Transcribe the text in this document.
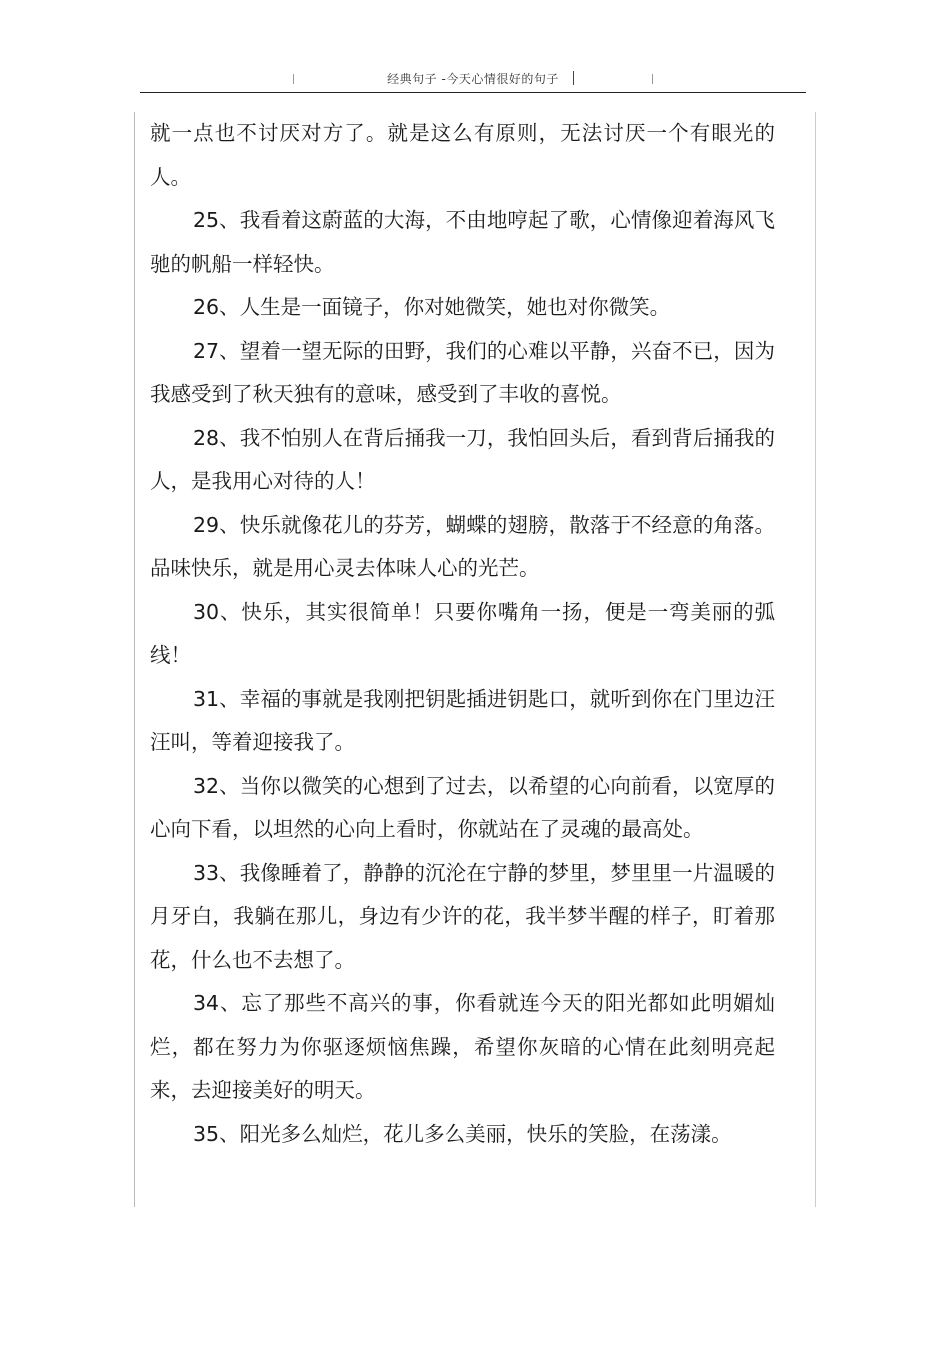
经典句子 -今天心情很好的句子

就一点也不讨厌对方了。就是这么有原则，无法讨厌一个有眼光的人。

25、我看着这蔚蓝的大海，不由地哼起了歌，心情像迎着海风飞驰的帆船一样轻快。

26、人生是一面镜子，你对她微笑，她也对你微笑。

27、望着一望无际的田野，我们的心难以平静，兴奋不已，因为我感受到了秋天独有的意味，感受到了丰收的喜悦。

28、我不怕别人在背后捅我一刀，我怕回头后，看到背后捅我的人，是我用心对待的人！

29、快乐就像花儿的芬芳，蝴蝶的翅膀，散落于不经意的角落。品味快乐，就是用心灵去体味人心的光芒。

30、快乐，其实很简单！只要你嘴角一扬，便是一弯美丽的弧线！

31、幸福的事就是我刚把钥匙插进钥匙口，就听到你在门里边汪汪叫，等着迎接我了。

32、当你以微笑的心想到了过去，以希望的心向前看，以宽厚的心向下看，以坦然的心向上看时，你就站在了灵魂的最高处。

33、我像睡着了，静静的沉沦在宁静的梦里，梦里里一片温暖的月牙白，我躺在那儿，身边有少许的花，我半梦半醒的样子，盯着那花，什么也不去想了。

34、忘了那些不高兴的事，你看就连今天的阳光都如此明媚灿烂，都在努力为你驱逐烦恼焦躁，希望你灰暗的心情在此刻明亮起来，去迎接美好的明天。

35、阳光多么灿烂，花儿多么美丽，快乐的笑脸，在荡漾。
